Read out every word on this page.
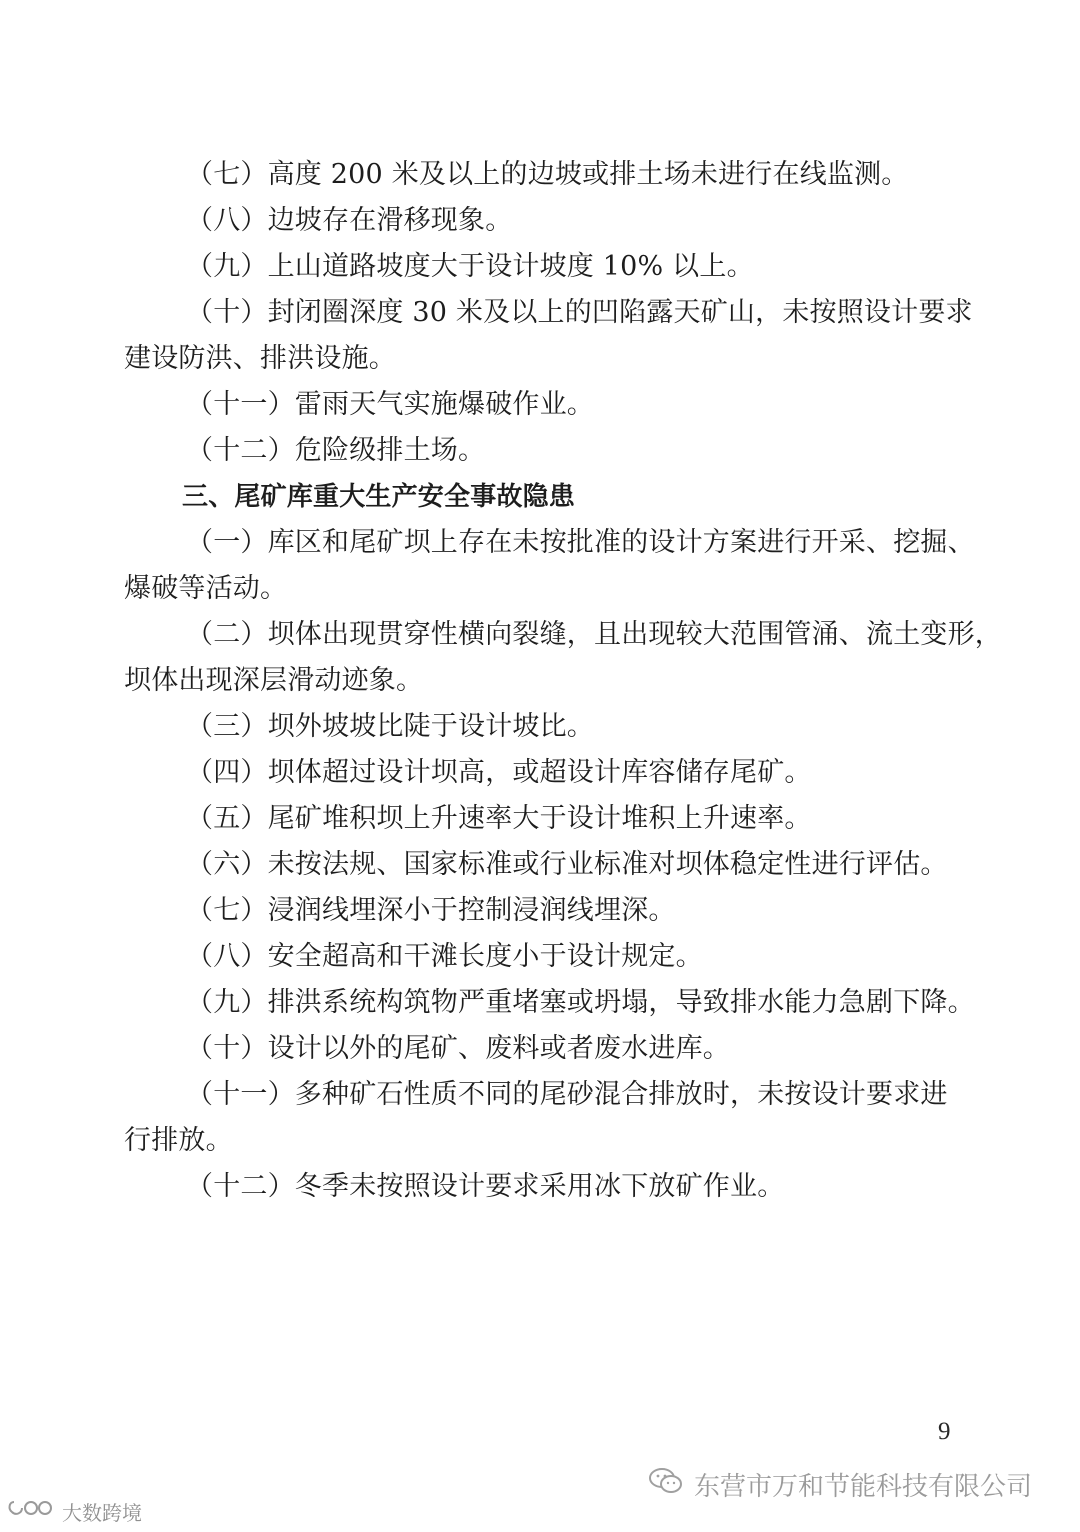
（七）高度 200 米及以上的边坡或排土场未进行在线监测。
（八）边坡存在滑移现象。
（九）上山道路坡度大于设计坡度 10% 以上。
（十）封闭圈深度 30 米及以上的凹陷露天矿山，未按照设计要求
建设防洪、排洪设施。
（十一）雷雨天气实施爆破作业。
（十二）危险级排土场。
三、尾矿库重大生产安全事故隐患
（一）库区和尾矿坝上存在未按批准的设计方案进行开采、挖掘、
爆破等活动。
（二）坝体出现贯穿性横向裂缝，且出现较大范围管涌、流土变形，
坝体出现深层滑动迹象。
（三）坝外坡坡比陡于设计坡比。
（四）坝体超过设计坝高，或超设计库容储存尾矿。
（五）尾矿堆积坝上升速率大于设计堆积上升速率。
（六）未按法规、国家标准或行业标准对坝体稳定性进行评估。
（七）浸润线埋深小于控制浸润线埋深。
（八）安全超高和干滩长度小于设计规定。
（九）排洪系统构筑物严重堵塞或坍塌，导致排水能力急剧下降。
（十）设计以外的尾矿、废料或者废水进库。
（十一）多种矿石性质不同的尾砂混合排放时，未按设计要求进
行排放。
（十二）冬季未按照设计要求采用冰下放矿作业。
9
东营市万和节能科技有限公司
大数跨境
